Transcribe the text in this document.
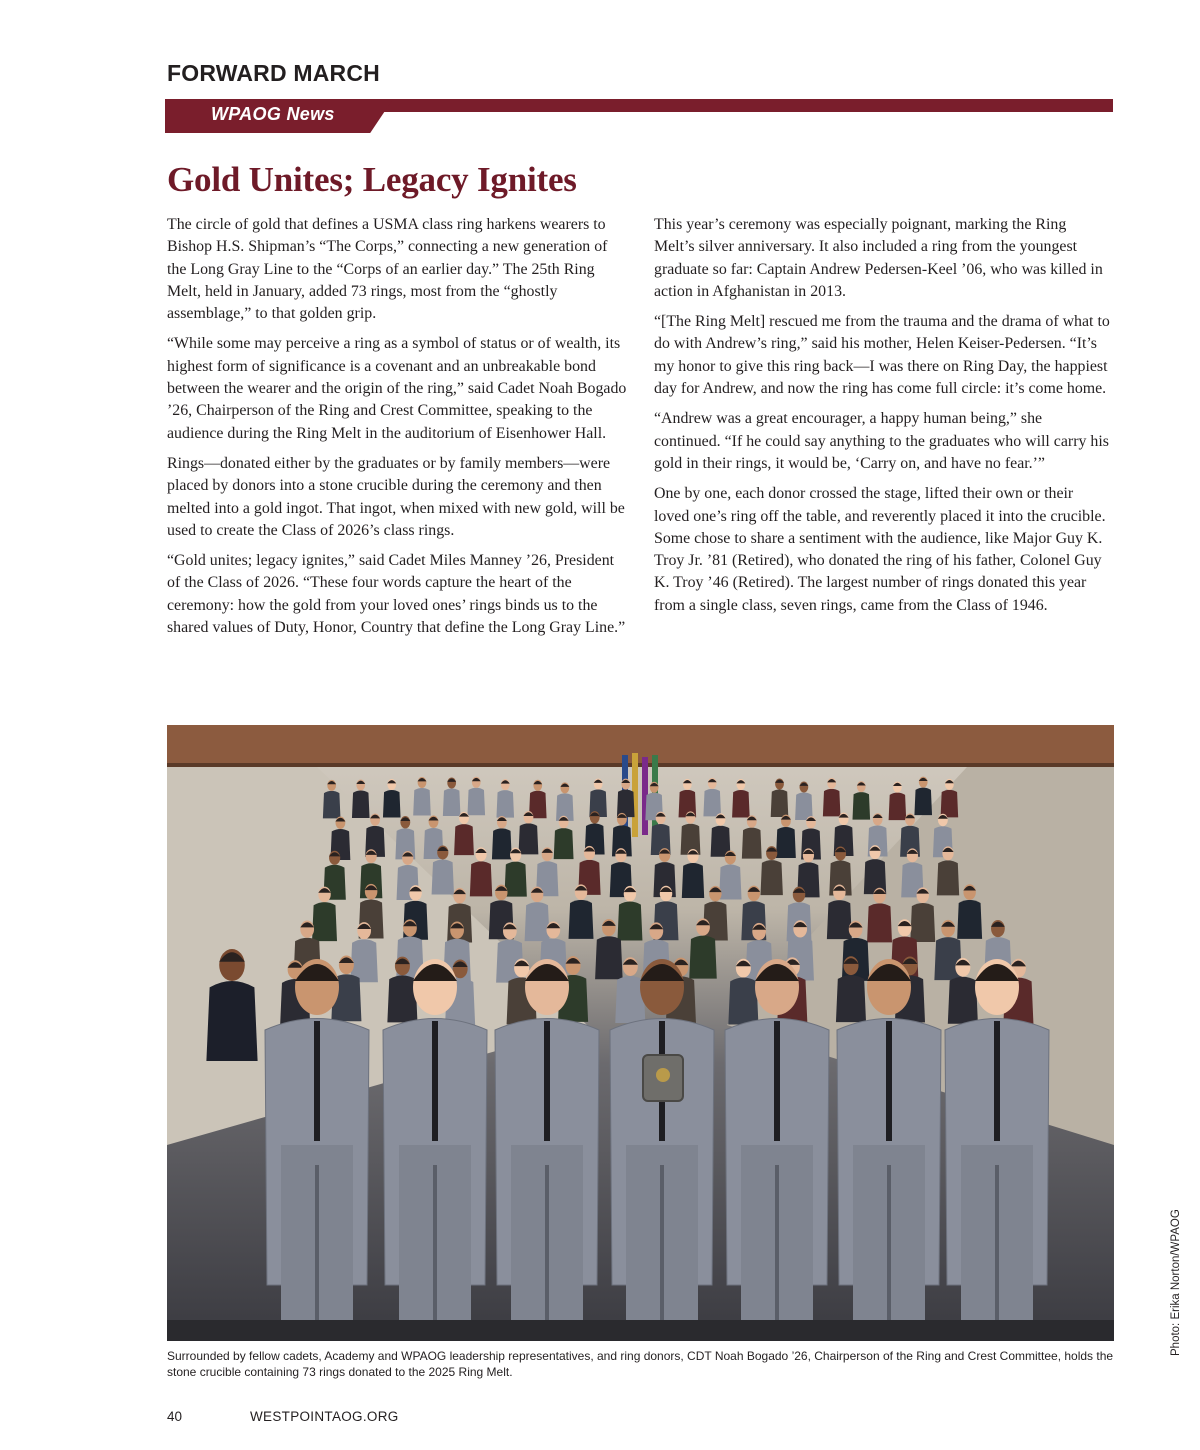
FORWARD MARCH
WPAOG News
Gold Unites; Legacy Ignites

The circle of gold that defines a USMA class ring harkens wearers to Bishop H.S. Shipman’s “The Corps,” connecting a new generation of the Long Gray Line to the “Corps of an earlier day.” The 25th Ring Melt, held in January, added 73 rings, most from the “ghostly assemblage,” to that golden grip.

“While some may perceive a ring as a symbol of status or of wealth, its highest form of significance is a covenant and an unbreakable bond between the wearer and the origin of the ring,” said Cadet Noah Bogado ’26, Chairperson of the Ring and Crest Committee, speaking to the audience during the Ring Melt in the auditorium of Eisenhower Hall.

Rings—donated either by the graduates or by family members—were placed by donors into a stone crucible during the ceremony and then melted into a gold ingot. That ingot, when mixed with new gold, will be used to create the Class of 2026’s class rings.

“Gold unites; legacy ignites,” said Cadet Miles Manney ’26, President of the Class of 2026. “These four words capture the heart of the ceremony: how the gold from your loved ones’ rings binds us to the shared values of Duty, Honor, Country that define the Long Gray Line.”

This year’s ceremony was especially poignant, marking the Ring Melt’s silver anniversary. It also included a ring from the youngest graduate so far: Captain Andrew Pedersen-Keel ’06, who was killed in action in Afghanistan in 2013.

“[The Ring Melt] rescued me from the trauma and the drama of what to do with Andrew’s ring,” said his mother, Helen Keiser-Pedersen. “It’s my honor to give this ring back—I was there on Ring Day, the happiest day for Andrew, and now the ring has come full circle: it’s come home.

“Andrew was a great encourager, a happy human being,” she continued. “If he could say anything to the graduates who will carry his gold in their rings, it would be, ‘Carry on, and have no fear.’”

One by one, each donor crossed the stage, lifted their own or their loved one’s ring off the table, and reverently placed it into the crucible. Some chose to share a sentiment with the audience, like Major Guy K. Troy Jr. ’81 (Retired), who donated the ring of his father, Colonel Guy K. Troy ’46 (Retired). The largest number of rings donated this year from a single class, seven rings, came from the Class of 1946.

Surrounded by fellow cadets, Academy and WPAOG leadership representatives, and ring donors, CDT Noah Bogado ’26, Chairperson of the Ring and Crest Committee, holds the stone crucible containing 73 rings donated to the 2025 Ring Melt.

Photo: Erika Norton/WPAOG
40	WESTPOINTAOG.ORG
